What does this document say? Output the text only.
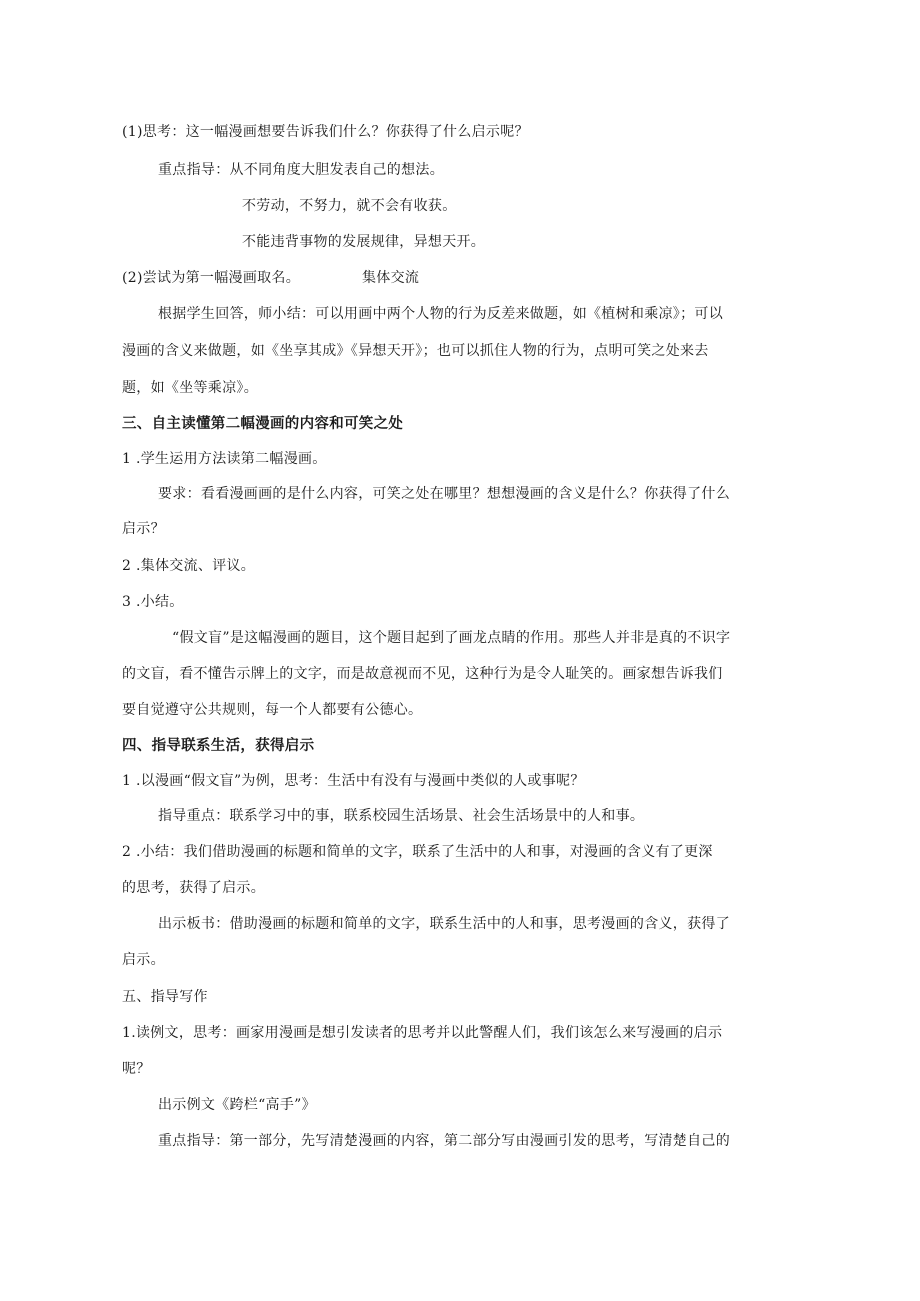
(1)思考：这一幅漫画想要告诉我们什么？你获得了什么启示呢？
重点指导：从不同角度大胆发表自己的想法。
不劳动，不努力，就不会有收获。
不能违背事物的发展规律，异想天开。
(2)尝试为第一幅漫画取名。	集体交流
根据学生回答，师小结：可以用画中两个人物的行为反差来做题，如《植树和乘凉》；可以
漫画的含义来做题，如《坐享其成》《异想天开》；也可以抓住人物的行为，点明可笑之处来去
题，如《坐等乘凉》。
三、自主读懂第二幅漫画的内容和可笑之处
1 .学生运用方法读第二幅漫画。
要求：看看漫画画的是什么内容，可笑之处在哪里？想想漫画的含义是什么？你获得了什么
启示？
2 .集体交流、评议。
3 .小结。
“假文盲”是这幅漫画的题目，这个题目起到了画龙点睛的作用。那些人并非是真的不识字
的文盲，看不懂告示牌上的文字，而是故意视而不见，这种行为是令人耻笑的。画家想告诉我们
要自觉遵守公共规则，每一个人都要有公德心。
四、指导联系生活，获得启示
1 .以漫画“假文盲”为例，思考：生活中有没有与漫画中类似的人或事呢？
指导重点：联系学习中的事，联系校园生活场景、社会生活场景中的人和事。
2 .小结：我们借助漫画的标题和简单的文字，联系了生活中的人和事，对漫画的含义有了更深
的思考，获得了启示。
出示板书：借助漫画的标题和简单的文字，联系生活中的人和事，思考漫画的含义，获得了
启示。
五、指导写作
1.读例文，思考：画家用漫画是想引发读者的思考并以此警醒人们，我们该怎么来写漫画的启示
呢？
出示例文《跨栏“高手”》
重点指导：第一部分，先写清楚漫画的内容，第二部分写由漫画引发的思考，写清楚自己的
